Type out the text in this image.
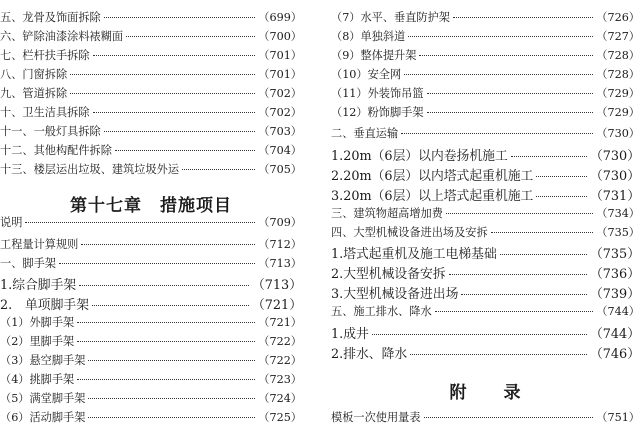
五、龙骨及饰面拆除	（699）
六、铲除油漆涂料裱糊面	（700）
七、栏杆扶手拆除	（701）
八、门窗拆除	（701）
九、管道拆除	（702）
十、卫生洁具拆除	（702）
十一、一般灯具拆除	（703）
十二、其他构配件拆除	（704）
十三、楼层运出垃圾、建筑垃圾外运	（705）
第十七章　措施项目
说明	（709）
工程量计算规则	（712）
一、脚手架	（713）
1.综合脚手架	（713）
2.　单项脚手架	（721）
（1）外脚手架	（721）
（2）里脚手架	（722）
（3）悬空脚手架	（722）
（4）挑脚手架	（723）
（5）满堂脚手架	（724）
（6）活动脚手架	（725）
（7）水平、垂直防护架	（726）
（8）单独斜道	（727）
（9）整体提升架	（728）
（10）安全网	（728）
（11）外装饰吊篮	（729）
（12）粉饰脚手架	（729）
二、垂直运输	（730）
1.20m（6层）以内卷扬机施工	（730）
2.20m（6层）以内塔式起重机施工	（730）
3.20m（6层）以上塔式起重机施工	（731）
三、建筑物超高增加费	（734）
四、大型机械设备进出场及安拆	（735）
1.塔式起重机及施工电梯基础	（735）
2.大型机械设备安拆	（736）
3.大型机械设备进出场	（739）
五、施工排水、降水	（744）
1.成井	（744）
2.排水、降水	（746）
附　　录
模板一次使用量表	（751）
